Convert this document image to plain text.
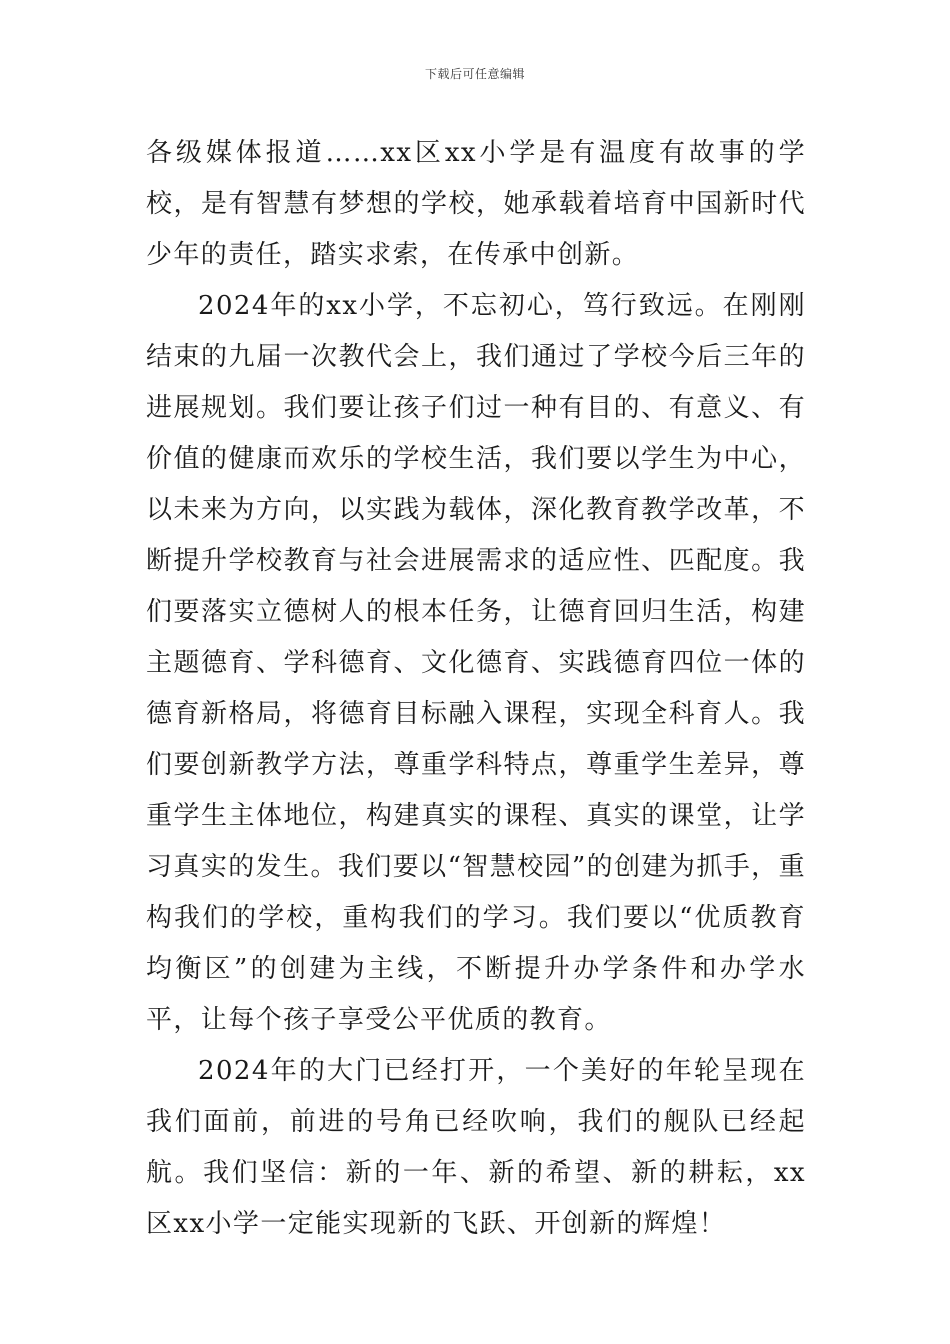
下载后可任意编辑

各级媒体报道……xx区xx小学是有温度有故事的学校，是有智慧有梦想的学校，她承载着培育中国新时代少年的责任，踏实求索，在传承中创新。

2024年的xx小学，不忘初心，笃行致远。在刚刚结束的九届一次教代会上，我们通过了学校今后三年的进展规划。我们要让孩子们过一种有目的、有意义、有价值的健康而欢乐的学校生活，我们要以学生为中心，以未来为方向，以实践为载体，深化教育教学改革，不断提升学校教育与社会进展需求的适应性、匹配度。我们要落实立德树人的根本任务，让德育回归生活，构建主题德育、学科德育、文化德育、实践德育四位一体的德育新格局，将德育目标融入课程，实现全科育人。我们要创新教学方法，尊重学科特点，尊重学生差异，尊重学生主体地位，构建真实的课程、真实的课堂，让学习真实的发生。我们要以“智慧校园”的创建为抓手，重构我们的学校，重构我们的学习。我们要以“优质教育均衡区”的创建为主线，不断提升办学条件和办学水平，让每个孩子享受公平优质的教育。

2024年的大门已经打开，一个美好的年轮呈现在我们面前，前进的号角已经吹响，我们的舰队已经起航。我们坚信：新的一年、新的希望、新的耕耘，xx区xx小学一定能实现新的飞跃、开创新的辉煌！
